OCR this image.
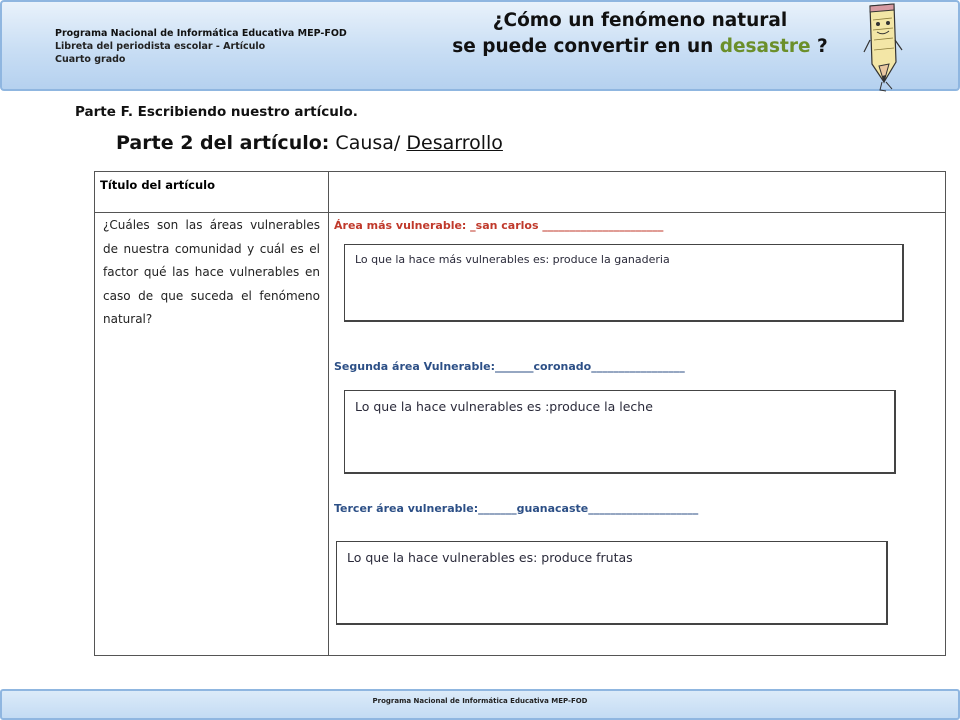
Programa Nacional de Informática Educativa MEP-FOD
Libreta del periodista escolar - Artículo
Cuarto grado
¿Cómo un fenómeno natural
se puede convertir en un desastre ?
Parte F. Escribiendo nuestro artículo.
Parte 2 del artículo: Causa/ Desarrollo
Título del artículo
¿Cuáles son las áreas vulnerables de nuestra comunidad y cuál es el factor qué las hace vulnerables en caso de que suceda el fenómeno natural?
Área más vulnerable: _san carlos ______________________
Lo que la hace más vulnerables es: produce la ganaderia
Segunda área Vulnerable:_______coronado_________________
Lo que la hace vulnerables es :produce la leche
Tercer área vulnerable:_______guanacaste____________________
Lo que la hace vulnerables es: produce frutas
Programa Nacional de Informática Educativa MEP-FOD
